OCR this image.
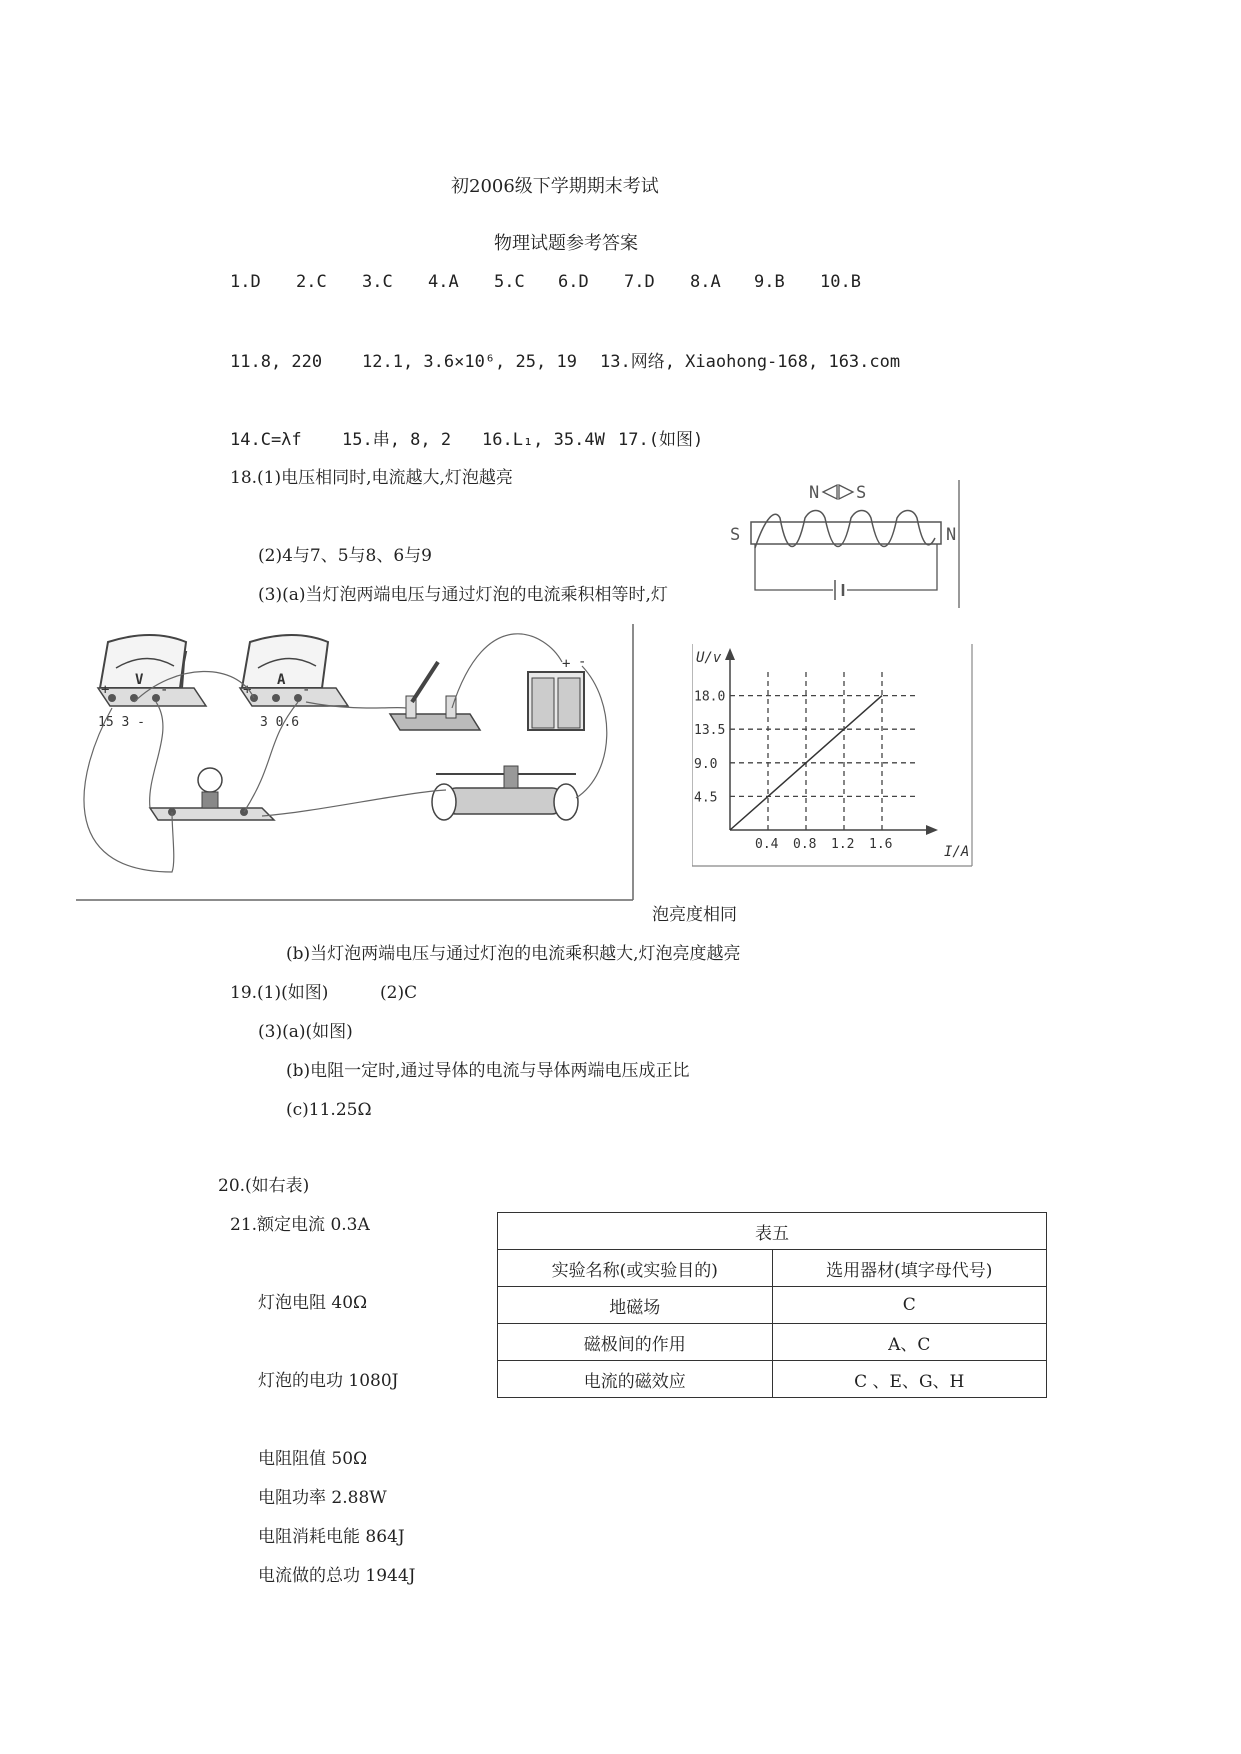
初2006级下学期期末考试
物理试题参考答案
1.D 2.C 3.C 4.A 5.C 6.D 7.D 8.A 9.B 10.B
11.8, 220 12.1, 3.6×10⁶, 25, 19 13.网络, Xiaohong-168, 163.com
14.C=λf 15.串, 8, 2 16.L₁, 35.4W 17.(如图)
18.(1)电压相同时,电流越大,灯泡越亮
(2)4与7、5与8、6与9
(3)(a)当灯泡两端电压与通过灯泡的电流乘积相等时,灯
N S
S	N
V
+	-
15 3 -
A
+	-
3 0.6
+ -
0.4 0.8 1.2 1.6
4.5
9.0
13.5
18.0
U/v
I/A
泡亮度相同
(b)当灯泡两端电压与通过灯泡的电流乘积越大,灯泡亮度越亮
19.(1)(如图)	(2)C
(3)(a)(如图)
(b)电阻一定时,通过导体的电流与导体两端电压成正比
(c)11.25Ω
20.(如右表)
21.额定电流 0.3A
灯泡电阻 40Ω
灯泡的电功 1080J
电阻阻值 50Ω
电阻功率 2.88W
电阻消耗电能 864J
电流做的总功 1944J
表五	
实验名称(或实验目的)	选用器材(填字母代号)
地磁场	C
磁极间的作用	A、C
电流的磁效应	C 、E、G、H
